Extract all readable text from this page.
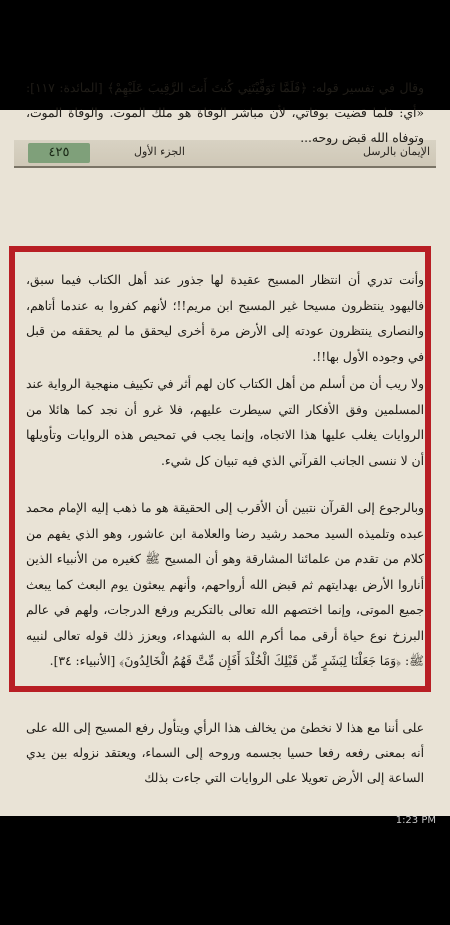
٤٢٥	الجزء الأول	الإيمان بالرسل
وقال في تفسير قوله: ﴿فَلَمَّا تَوَفَّيْتَنِي كُنتَ أَنتَ الرَّقِيبَ عَلَيْهِمْ﴾ [المائدة: ١١٧]: «أي: فلما قضيت بوفاتي، لأن مباشر الوفاة هو ملك الموت. والوفاة الموت، وتوفاه الله قبض روحه...
وأنت تدري أن انتظار المسيح عقيدة لها جذور عند أهل الكتاب فيما سبق، فاليهود ينتظرون مسيحا غير المسيح ابن مريم!!؛ لأنهم كفروا به عندما أتاهم، والنصارى ينتظرون عودته إلى الأرض مرة أخرى ليحقق ما لم يحققه من قبل في وجوده الأول بها!!.
ولا ريب أن من أسلم من أهل الكتاب كان لهم أثر في تكييف منهجية الرواية عند المسلمين وفق الأفكار التي سيطرت عليهم، فلا غرو أن نجد كما هائلا من الروايات يغلب عليها هذا الاتجاه، وإنما يجب في تمحيص هذه الروايات وتأويلها أن لا ننسى الجانب القرآني الذي فيه تبيان كل شيء.
وبالرجوع إلى القرآن نتبين أن الأقرب إلى الحقيقة هو ما ذهب إليه الإمام محمد عبده وتلميذه السيد محمد رشيد رضا والعلامة ابن عاشور، وهو الذي يفهم من كلام من تقدم من علمائنا المشارقة وهو أن المسيح ﷺ كغيره من الأنبياء الذين أناروا الأرض بهدايتهم ثم قبض الله أرواحهم، وأنهم يبعثون يوم البعث كما يبعث جميع الموتى، وإنما اختصهم الله تعالى بالتكريم ورفع الدرجات، ولهم في عالم البرزخ نوع حياة أرقى مما أكرم الله به الشهداء، ويعزز ذلك قوله تعالى لنبيه ﷺ: ﴿وَمَا جَعَلْنَا لِبَشَرٍ مِّن قَبْلِكَ الْخُلْدَ أَفَإِن مِّتَّ فَهُمُ الْخَالِدُونَ﴾ [الأنبياء: ٣٤].
على أننا مع هذا لا نخطئ من يخالف هذا الرأي ويتأول رفع المسيح إلى الله على أنه بمعنى رفعه رفعا حسيا بجسمه وروحه إلى السماء، ويعتقد نزوله بين يدي الساعة إلى الأرض تعويلا على الروايات التي جاءت بذلك
1:23 PM
